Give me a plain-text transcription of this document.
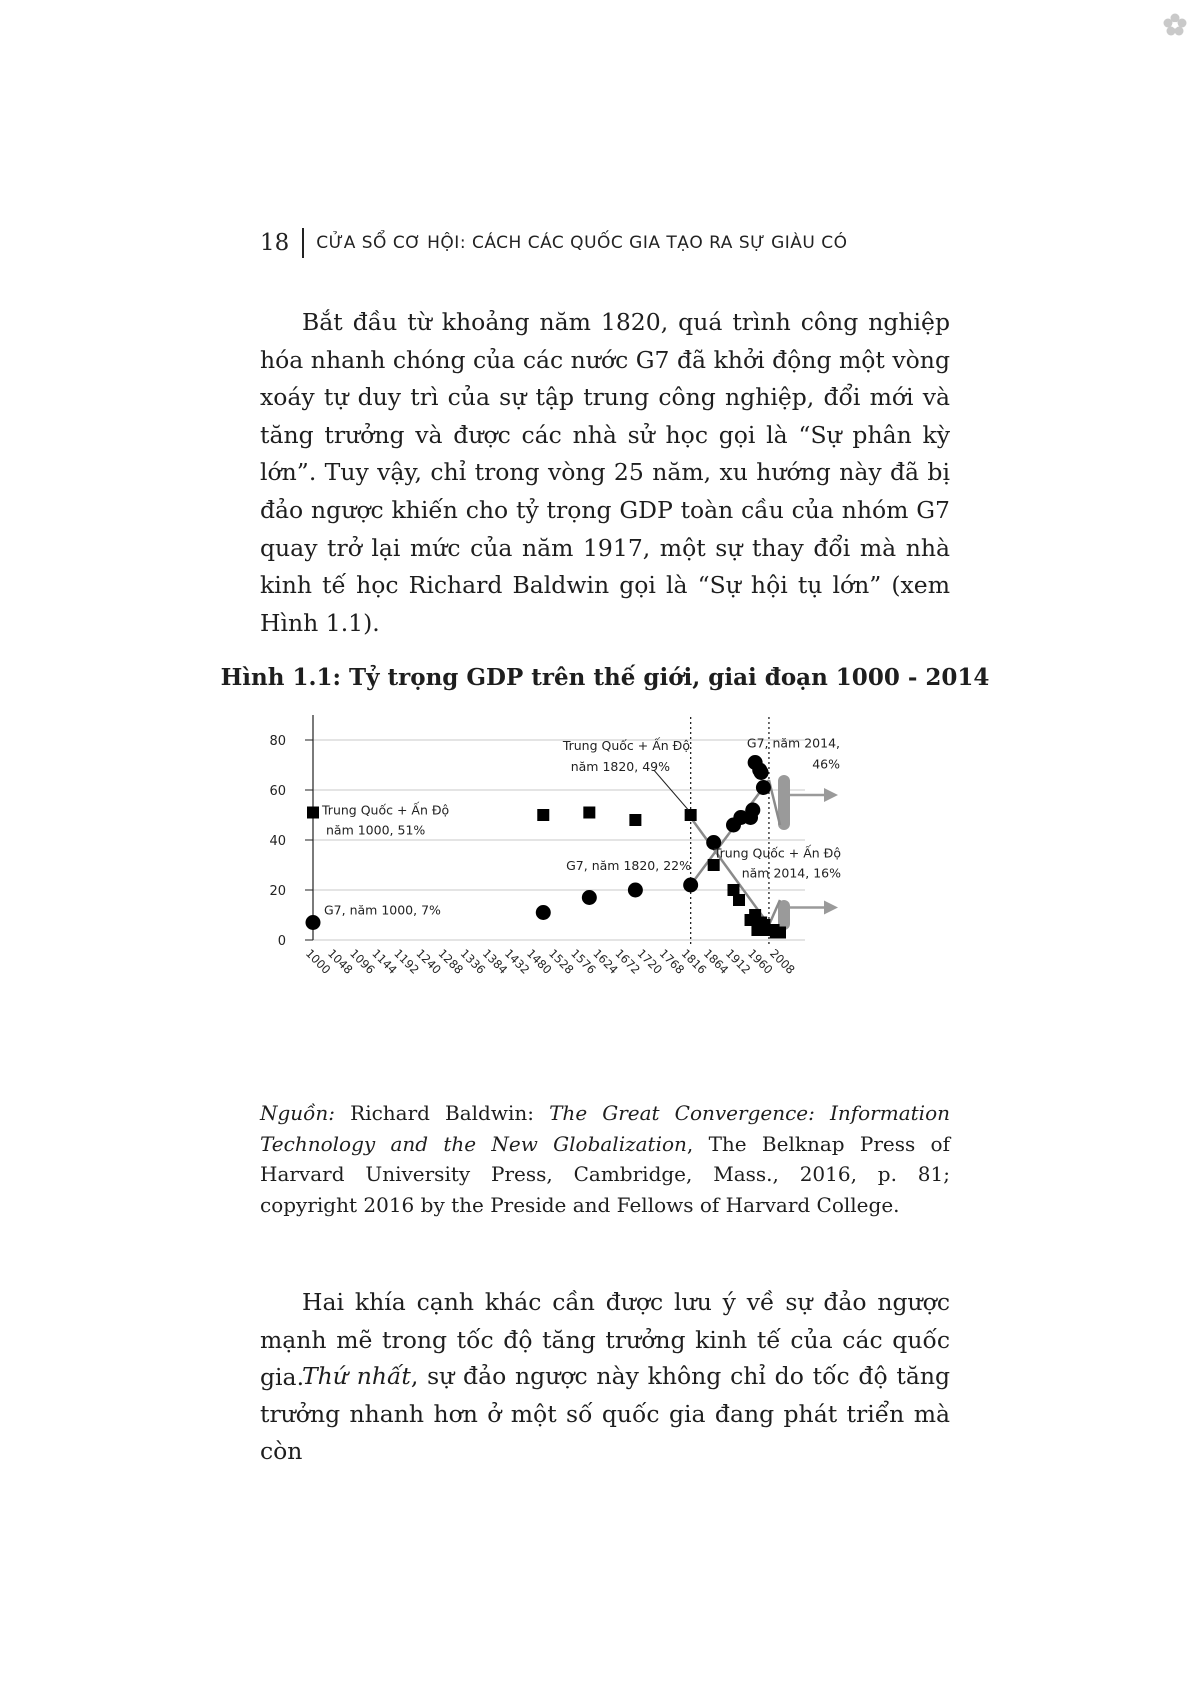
18 CỬA SỔ CƠ HỘI: CÁCH CÁC QUỐC GIA TẠO RA SỰ GIÀU CÓ

Bắt đầu từ khoảng năm 1820, quá trình công nghiệp hóa nhanh chóng của các nước G7 đã khởi động một vòng xoáy tự duy trì của sự tập trung công nghiệp, đổi mới và tăng trưởng và được các nhà sử học gọi là “Sự phân kỳ lớn”. Tuy vậy, chỉ trong vòng 25 năm, xu hướng này đã bị đảo ngược khiến cho tỷ trọng GDP toàn cầu của nhóm G7 quay trở lại mức của năm 1917, một sự thay đổi mà nhà kinh tế học Richard Baldwin gọi là “Sự hội tụ lớn” (xem Hình 1.1).

Hình 1.1: Tỷ trọng GDP trên thế giới, giai đoạn 1000 - 2014

0
20
40
60
80
1000
1048
1096
1144
1192
1240
1288
1336
1384
1432
1480
1528
1576
1624
1672
1720
1768
1816
1864
1912
1960
2008
Trung Quốc + Ấn Độ
năm 1000, 51%
G7, năm 1000, 7%
Trung Quốc + Ấn Độ
năm 1820, 49%
G7, năm 1820, 22%
G7, năm 2014,
46%
Trung Quốc + Ấn Độ
năm 2014, 16%

Nguồn: Richard Baldwin: The Great Convergence: Information Technology and the New Globalization, The Belknap Press of Harvard University Press, Cambridge, Mass., 2016, p. 81; copyright 2016 by the Preside and Fellows of Harvard College.

Hai khía cạnh khác cần được lưu ý về sự đảo ngược mạnh mẽ trong tốc độ tăng trưởng kinh tế của các quốc gia.

Thứ nhất, sự đảo ngược này không chỉ do tốc độ tăng trưởng nhanh hơn ở một số quốc gia đang phát triển mà còn
